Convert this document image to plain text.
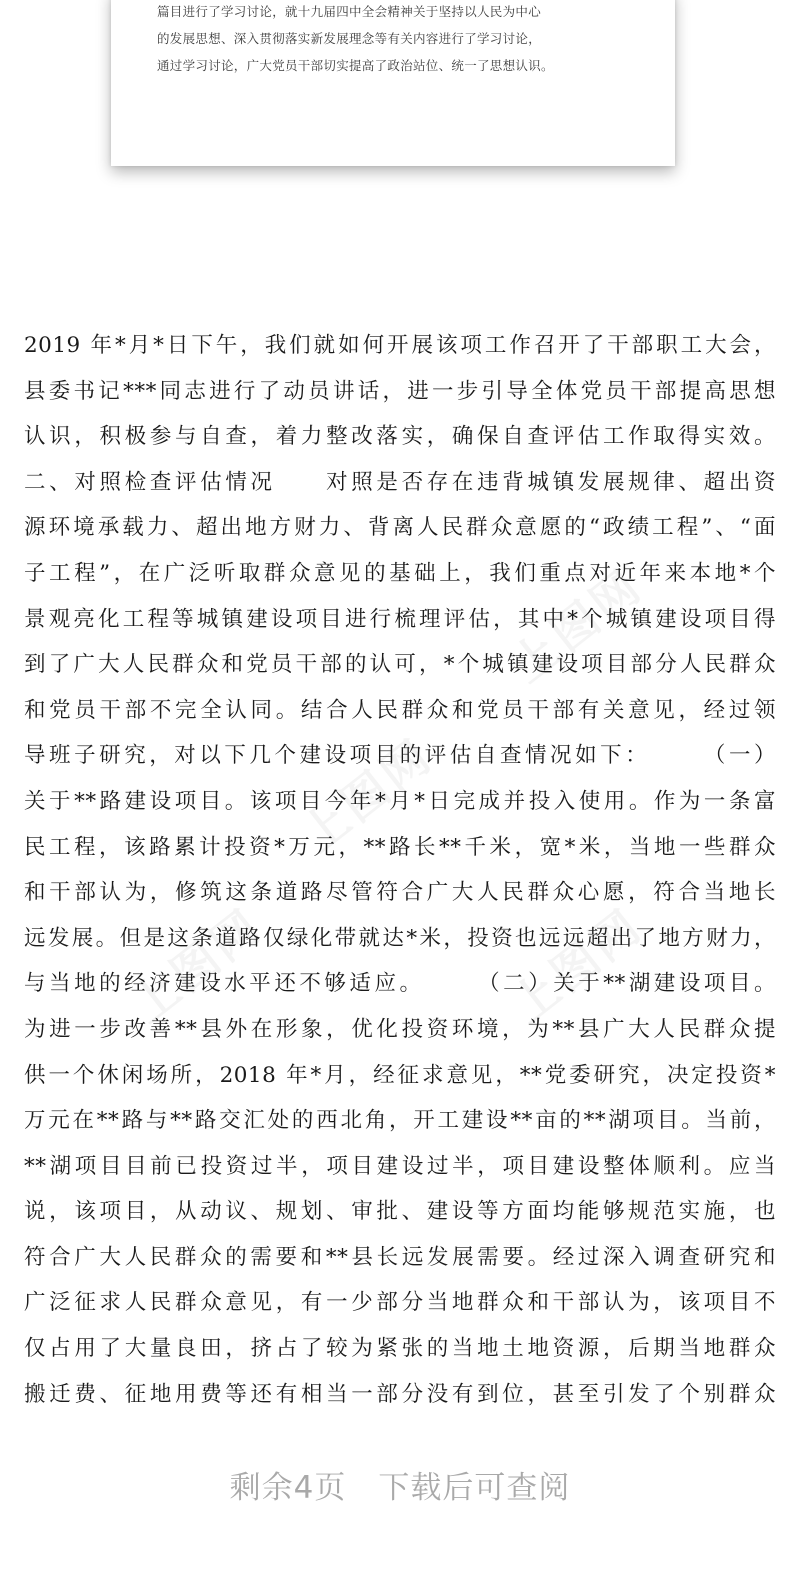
篇目进行了学习讨论，就十九届四中全会精神关于坚持以人民为中心

的发展思想、深入贯彻落实新发展理念等有关内容进行了学习讨论，

通过学习讨论，广大党员干部切实提高了政治站位、统一了思想认识。

2019 年*月*日下午，我们就如何开展该项工作召开了干部职工大会，

县委书记***同志进行了动员讲话，进一步引导全体党员干部提高思想

认识，积极参与自查，着力整改落实，确保自查评估工作取得实效。

二、对照检查评估情况　　对照是否存在违背城镇发展规律、超出资

源环境承载力、超出地方财力、背离人民群众意愿的“政绩工程”、“面

子工程”，在广泛听取群众意见的基础上，我们重点对近年来本地*个

景观亮化工程等城镇建设项目进行梳理评估，其中*个城镇建设项目得

到了广大人民群众和党员干部的认可，*个城镇建设项目部分人民群众

和党员干部不完全认同。结合人民群众和党员干部有关意见，经过领

导班子研究，对以下几个建设项目的评估自查情况如下：　　　（一）

关于**路建设项目。该项目今年*月*日完成并投入使用。作为一条富

民工程，该路累计投资*万元，**路长**千米，宽*米，当地一些群众

和干部认为，修筑这条道路尽管符合广大人民群众心愿，符合当地长

远发展。但是这条道路仅绿化带就达*米，投资也远远超出了地方财力，

与当地的经济建设水平还不够适应。　　　（二）关于**湖建设项目。

为进一步改善**县外在形象，优化投资环境，为**县广大人民群众提

供一个休闲场所，2018 年*月，经征求意见，**党委研究，决定投资*

万元在**路与**路交汇处的西北角，开工建设**亩的**湖项目。当前，

**湖项目目前已投资过半，项目建设过半，项目建设整体顺利。应当

说，该项目，从动议、规划、审批、建设等方面均能够规范实施，也

符合广大人民群众的需要和**县长远发展需要。经过深入调查研究和

广泛征求人民群众意见，有一少部分当地群众和干部认为，该项目不

仅占用了大量良田，挤占了较为紧张的当地土地资源，后期当地群众

搬迁费、征地用费等还有相当一部分没有到位，甚至引发了个别群众

剩余4页　下载后可查阅
